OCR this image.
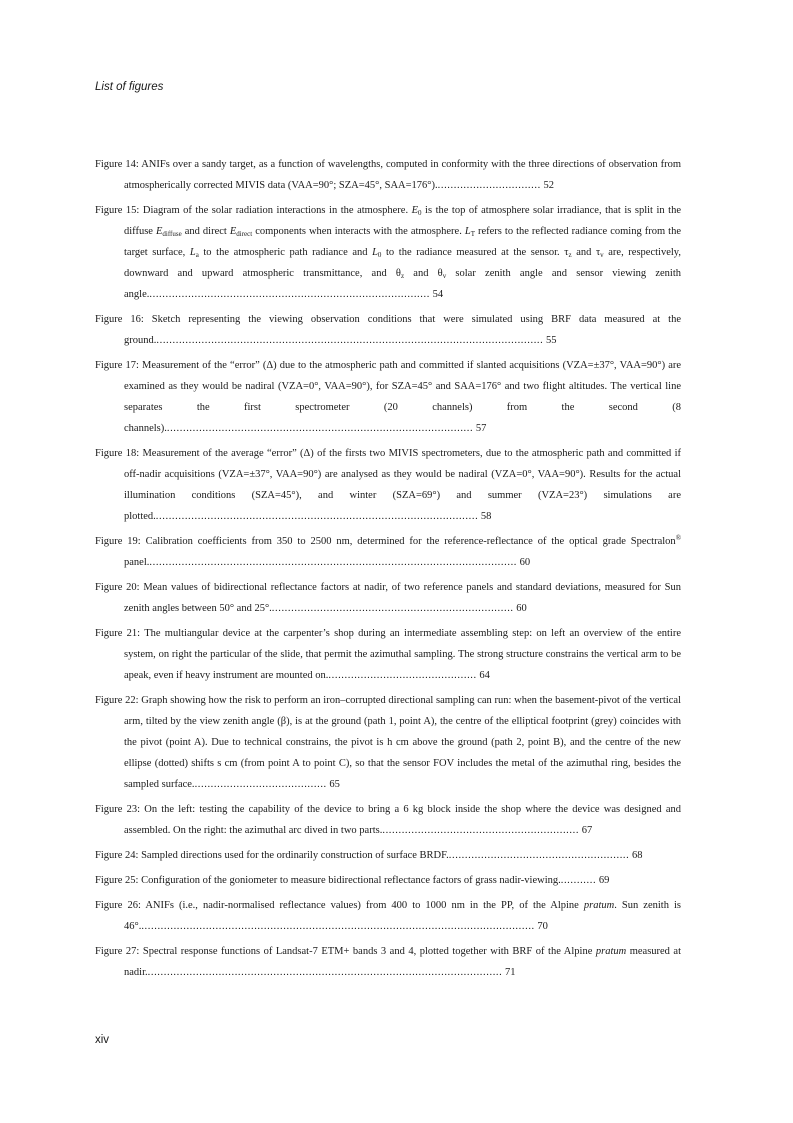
List of figures

Figure 14: ANIFs over a sandy target, as a function of wavelengths, computed in conformity with the three directions of observation from atmospherically corrected MIVIS data (VAA=90°; SZA=45°, SAA=176°)................................. 52

Figure 15: Diagram of the solar radiation interactions in the atmosphere. $E_0$ is the top of atmosphere solar irradiance, that is split in the diffuse $E_{diffuse}$ and direct $E_{direct}$ components when interacts with the atmosphere. $L_T$ refers to the reflected radiance coming from the target surface, $L_a$ to the atmospheric path radiance and $L_0$ to the radiance measured at the sensor. $\tau_z$ and $\tau_v$ are, respectively, downward and upward atmospheric transmittance, and $\theta_z$ and $\theta_v$ solar zenith angle and sensor viewing zenith angle........................................................................................ 54

Figure 16: Sketch representing the viewing observation conditions that were simulated using BRF data measured at the ground......................................................................................................................... 55

Figure 17: Measurement of the “error” (Δ) due to the atmospheric path and committed if slanted acquisitions (VZA=±37°, VAA=90°) are examined as they would be nadiral (VZA=0°, VAA=90°), for SZA=45° and SAA=176° and two flight altitudes. The vertical line separates the first spectrometer (20 channels) from the second (8 channels)................................................................................................ 57

Figure 18: Measurement of the average “error” (Δ) of the firsts two MIVIS spectrometers, due to the atmospheric path and committed if off-nadir acquisitions (VZA=±37°, VAA=90°) are analysed as they would be nadiral (VZA=0°, VAA=90°). Results for the actual illumination conditions (SZA=45°), and winter (SZA=69°) and summer (VZA=23°) simulations are plotted..................................................................................................... 58

Figure 19: Calibration coefficients from 350 to 2500 nm, determined for the reference-reflectance of the optical grade Spectralon® panel................................................................................................................... 60

Figure 20: Mean values of bidirectional reflectance factors at nadir, of two reference panels and standard deviations, measured for Sun zenith angles between 50° and 25°............................................................................ 60

Figure 21: The multiangular device at the carpenter’s shop during an intermediate assembling step: on left an overview of the entire system, on right the particular of the slide, that permit the azimuthal sampling. The strong structure constrains the vertical arm to be apeak, even if heavy instrument are mounted on............................................... 64

Figure 22: Graph showing how the risk to perform an iron–corrupted directional sampling can run: when the basement-pivot of the vertical arm, tilted by the view zenith angle (β), is at the ground (path 1, point A), the centre of the elliptical footprint (grey) coincides with the pivot (point A). Due to technical constrains, the pivot is h cm above the ground (path 2, point B), and the centre of the new ellipse (dotted) shifts s cm (from point A to point C), so that the sensor FOV includes the metal of the azimuthal ring, besides the sampled surface.......................................... 65

Figure 23: On the left: testing the capability of the device to bring a 6 kg block inside the shop where the device was designed and assembled. On the right: the azimuthal arc dived in two parts.............................................................. 67

Figure 24: Sampled directions used for the ordinarily construction of surface BRDF......................................................... 68

Figure 25: Configuration of the goniometer to measure bidirectional reflectance factors of grass nadir-viewing............ 69

Figure 26: ANIFs (i.e., nadir-normalised reflectance values) from 400 to 1000 nm in the PP, of the Alpine pratum. Sun zenith is 46°........................................................................................................................... 70

Figure 27: Spectral response functions of Landsat-7 ETM+ bands 3 and 4, plotted together with BRF of the Alpine pratum measured at nadir............................................................................................................... 71

xiv
